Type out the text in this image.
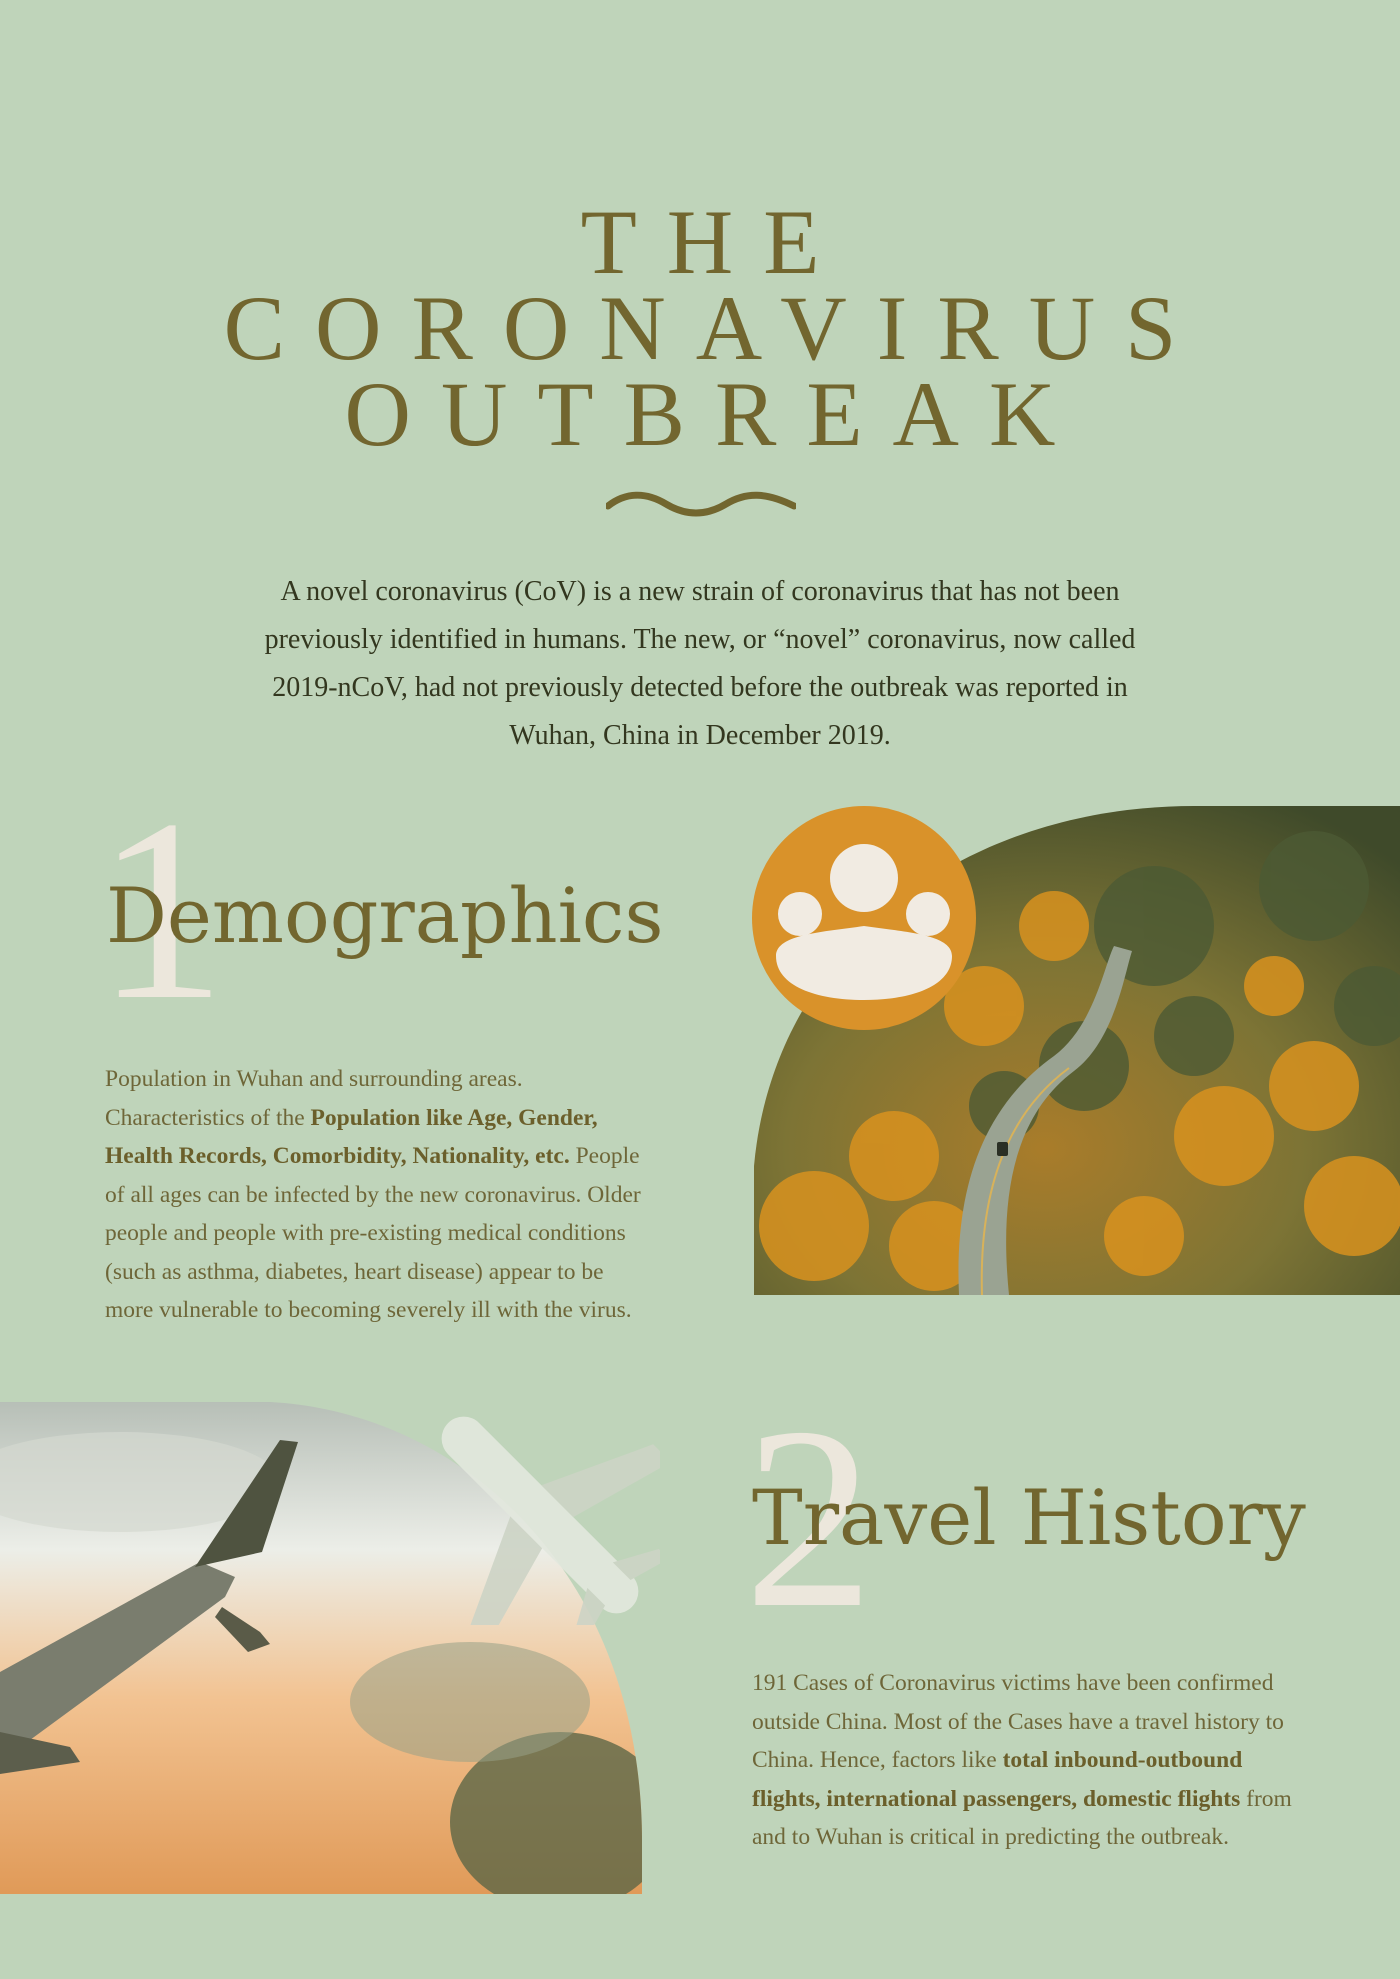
THE
CORONAVIRUS
OUTBREAK
A novel coronavirus (CoV) is a new strain of coronavirus that has not been previously identified in humans. The new, or “novel” coronavirus, now called 2019-nCoV, had not previously detected before the outbreak was reported in Wuhan, China in December 2019.
1
Demographics
Population in Wuhan and surrounding areas. Characteristics of the Population like Age, Gender, Health Records, Comorbidity, Nationality, etc. People of all ages can be infected by the new coronavirus. Older people and people with pre-existing medical conditions (such as asthma, diabetes, heart disease) appear to be more vulnerable to becoming severely ill with the virus.
2
Travel History
191 Cases of Coronavirus victims have been confirmed outside China. Most of the Cases have a travel history to China. Hence, factors like total inbound-outbound flights, international passengers, domestic flights from and to Wuhan is critical in predicting the outbreak.
